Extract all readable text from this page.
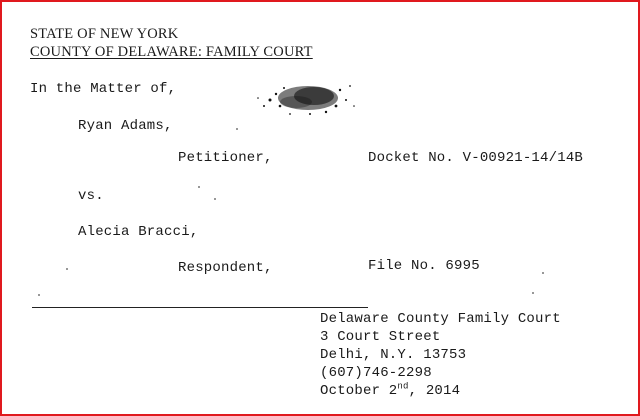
STATE OF NEW YORK
COUNTY OF DELAWARE: FAMILY COURT
In the Matter of,
Ryan Adams,
Petitioner,	Docket No. V-00921-14/14B
vs.
Alecia Bracci,
Respondent,	File No. 6995
Delaware County Family Court
3 Court Street
Delhi, N.Y. 13753
(607)746-2298
October 2nd, 2014
